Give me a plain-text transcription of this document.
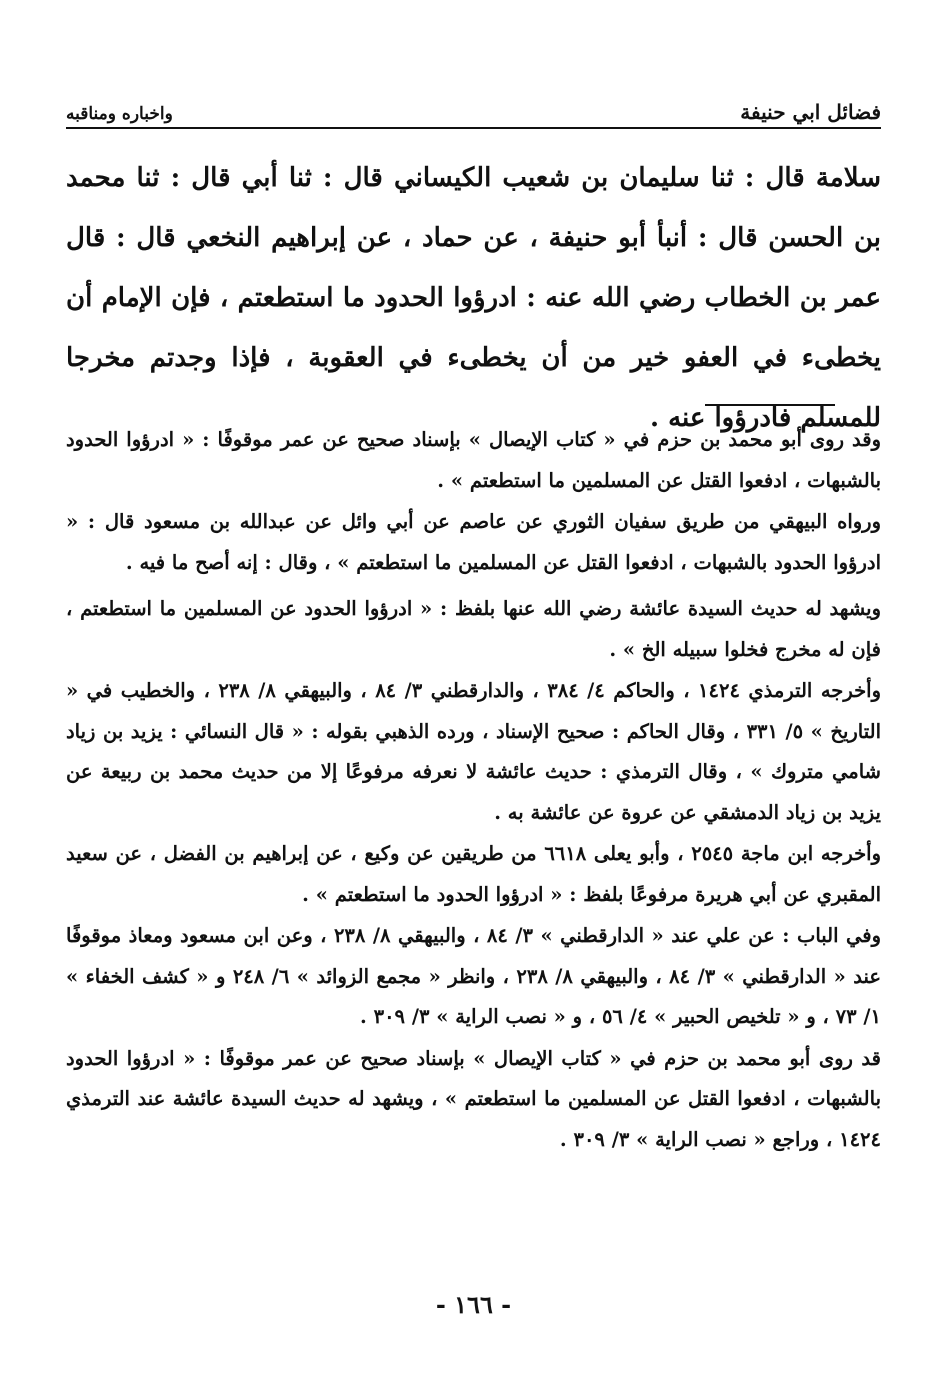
فضائل ابي حنيفة
واخباره ومناقبه
سلامة قال : ثنا سليمان بن شعيب الكيساني قال : ثنا أبي قال : ثنا محمد بن الحسن قال : أنبأ أبو حنيفة ، عن حماد ، عن إبراهيم النخعي قال : قال عمر بن الخطاب رضي الله عنه : ادرؤوا الحدود ما استطعتم ، فإن الإمام أن يخطىء في العفو خير من أن يخطىء في العقوبة ، فإذا وجدتم مخرجا للمسلم فادرؤوا عنه .

وقد روى أبو محمد بن حزم في « كتاب الإيصال » بإسناد صحيح عن عمر موقوفًا : « ادرؤوا الحدود بالشبهات ، ادفعوا القتل عن المسلمين ما استطعتم » .

ورواه البيهقي من طريق سفيان الثوري عن عاصم عن أبي وائل عن عبدالله بن مسعود قال : « ادرؤوا الحدود بالشبهات ، ادفعوا القتل عن المسلمين ما استطعتم » ، وقال : إنه أصح ما فيه .

ويشهد له حديث السيدة عائشة رضي الله عنها بلفظ : « ادرؤوا الحدود عن المسلمين ما استطعتم ، فإن له مخرج فخلوا سبيله الخ » .

وأخرجه الترمذي ١٤٢٤ ، والحاكم ٤/ ٣٨٤ ، والدارقطني ٣/ ٨٤ ، والبيهقي ٨/ ٢٣٨ ، والخطيب في « التاريخ » ٥/ ٣٣١ ، وقال الحاكم : صحيح الإسناد ، ورده الذهبي بقوله : « قال النسائي : يزيد بن زياد شامي متروك » ، وقال الترمذي : حديث عائشة لا نعرفه مرفوعًا إلا من حديث محمد بن ربيعة عن يزيد بن زياد الدمشقي عن عروة عن عائشة به .

وأخرجه ابن ماجة ٢٥٤٥ ، وأبو يعلى ٦٦١٨ من طريقين عن وكيع ، عن إبراهيم بن الفضل ، عن سعيد المقبري عن أبي هريرة مرفوعًا بلفظ : « ادرؤوا الحدود ما استطعتم » .

وفي الباب : عن علي عند « الدارقطني » ٣/ ٨٤ ، والبيهقي ٨/ ٢٣٨ ، وعن ابن مسعود ومعاذ موقوفًا عند « الدارقطني » ٣/ ٨٤ ، والبيهقي ٨/ ٢٣٨ ، وانظر « مجمع الزوائد » ٦/ ٢٤٨ و « كشف الخفاء » ١/ ٧٣ ، و « تلخيص الحبير » ٤/ ٥٦ ، و « نصب الراية » ٣/ ٣٠٩ .

قد روى أبو محمد بن حزم في « كتاب الإيصال » بإسناد صحيح عن عمر موقوفًا : « ادرؤوا الحدود بالشبهات ، ادفعوا القتل عن المسلمين ما استطعتم » ، ويشهد له حديث السيدة عائشة عند الترمذي ١٤٢٤ ، وراجع « نصب الراية » ٣/ ٣٠٩ .

- ١٦٦ -
